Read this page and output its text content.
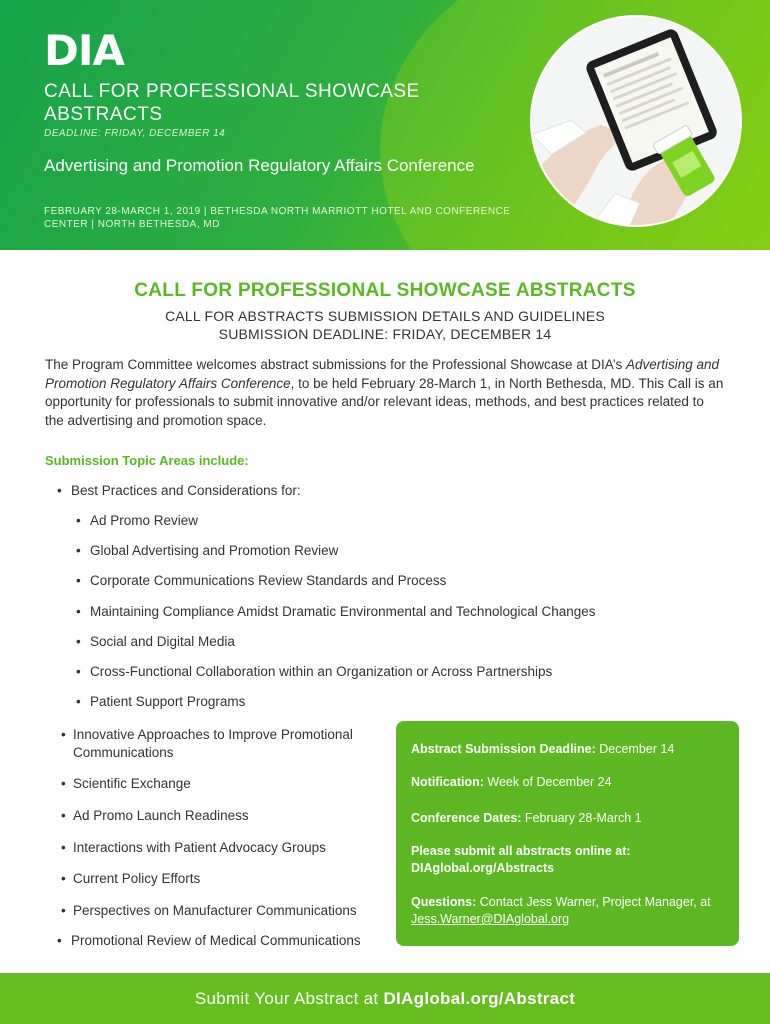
DIA
CALL FOR PROFESSIONAL SHOWCASE ABSTRACTS
DEADLINE: FRIDAY, DECEMBER 14
Advertising and Promotion Regulatory Affairs Conference
FEBRUARY 28-MARCH 1, 2019 | BETHESDA NORTH MARRIOTT HOTEL AND CONFERENCE CENTER | NORTH BETHESDA, MD
CALL FOR PROFESSIONAL SHOWCASE ABSTRACTS
CALL FOR ABSTRACTS SUBMISSION DETAILS AND GUIDELINES
SUBMISSION DEADLINE: FRIDAY, DECEMBER 14
The Program Committee welcomes abstract submissions for the Professional Showcase at DIA’s Advertising and Promotion Regulatory Affairs Conference, to be held February 28-March 1, in North Bethesda, MD. This Call is an opportunity for professionals to submit innovative and/or relevant ideas, methods, and best practices related to the advertising and promotion space.
Submission Topic Areas include:
• Best Practices and Considerations for:
• Ad Promo Review
• Global Advertising and Promotion Review
• Corporate Communications Review Standards and Process
• Maintaining Compliance Amidst Dramatic Environmental and Technological Changes
• Social and Digital Media
• Cross-Functional Collaboration within an Organization or Across Partnerships
• Patient Support Programs
• Innovative Approaches to Improve Promotional Communications
• Scientific Exchange
• Ad Promo Launch Readiness
• Interactions with Patient Advocacy Groups
• Current Policy Efforts
• Perspectives on Manufacturer Communications
• Promotional Review of Medical Communications
Abstract Submission Deadline: December 14
Notification: Week of December 24
Conference Dates: February 28-March 1
Please submit all abstracts online at:
DIAglobal.org/Abstracts
Questions: Contact Jess Warner, Project Manager, at
Jess.Warner@DIAglobal.org
Submit Your Abstract at DIAglobal.org/Abstract
